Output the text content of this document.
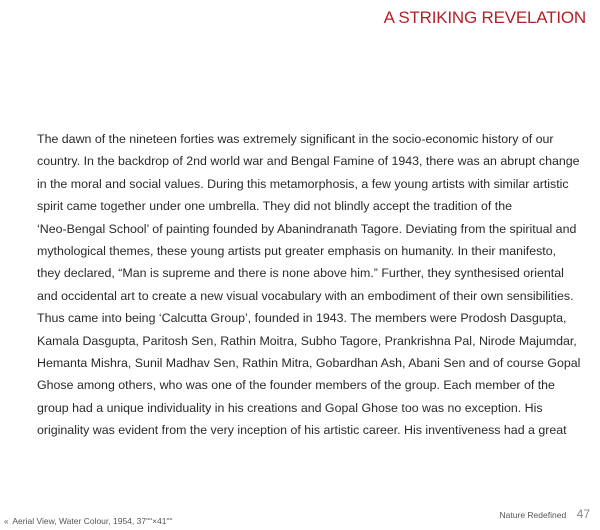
A STRIKING REVELATION
The dawn of the nineteen forties was extremely significant in the socio-economic history of our
country. In the backdrop of 2nd world war and Bengal Famine of 1943, there was an abrupt change
in the moral and social values. During this metamorphosis, a few young artists with similar artistic
spirit came together under one umbrella. They did not blindly accept the tradition of the
‘Neo-Bengal School’ of painting founded by Abanindranath Tagore. Deviating from the spiritual and
mythological themes, these young artists put greater emphasis on humanity. In their manifesto,
they declared, “Man is supreme and there is none above him.” Further, they synthesised oriental
and occidental art to create a new visual vocabulary with an embodiment of their own sensibilities.
Thus came into being ‘Calcutta Group’, founded in 1943. The members were Prodosh Dasgupta,
Kamala Dasgupta, Paritosh Sen, Rathin Moitra, Subho Tagore, Prankrishna Pal, Nirode Majumdar,
Hemanta Mishra, Sunil Madhav Sen, Rathin Mitra, Gobardhan Ash, Abani Sen and of course Gopal
Ghose among others, who was one of the founder members of the group. Each member of the
group had a unique individuality in his creations and Gopal Ghose too was no exception. His
originality was evident from the very inception of his artistic career. His inventiveness had a great
« Aerial View, Water Colour, 1954, 37ʺʺ×41ʺʺ
Nature Redefined 47
